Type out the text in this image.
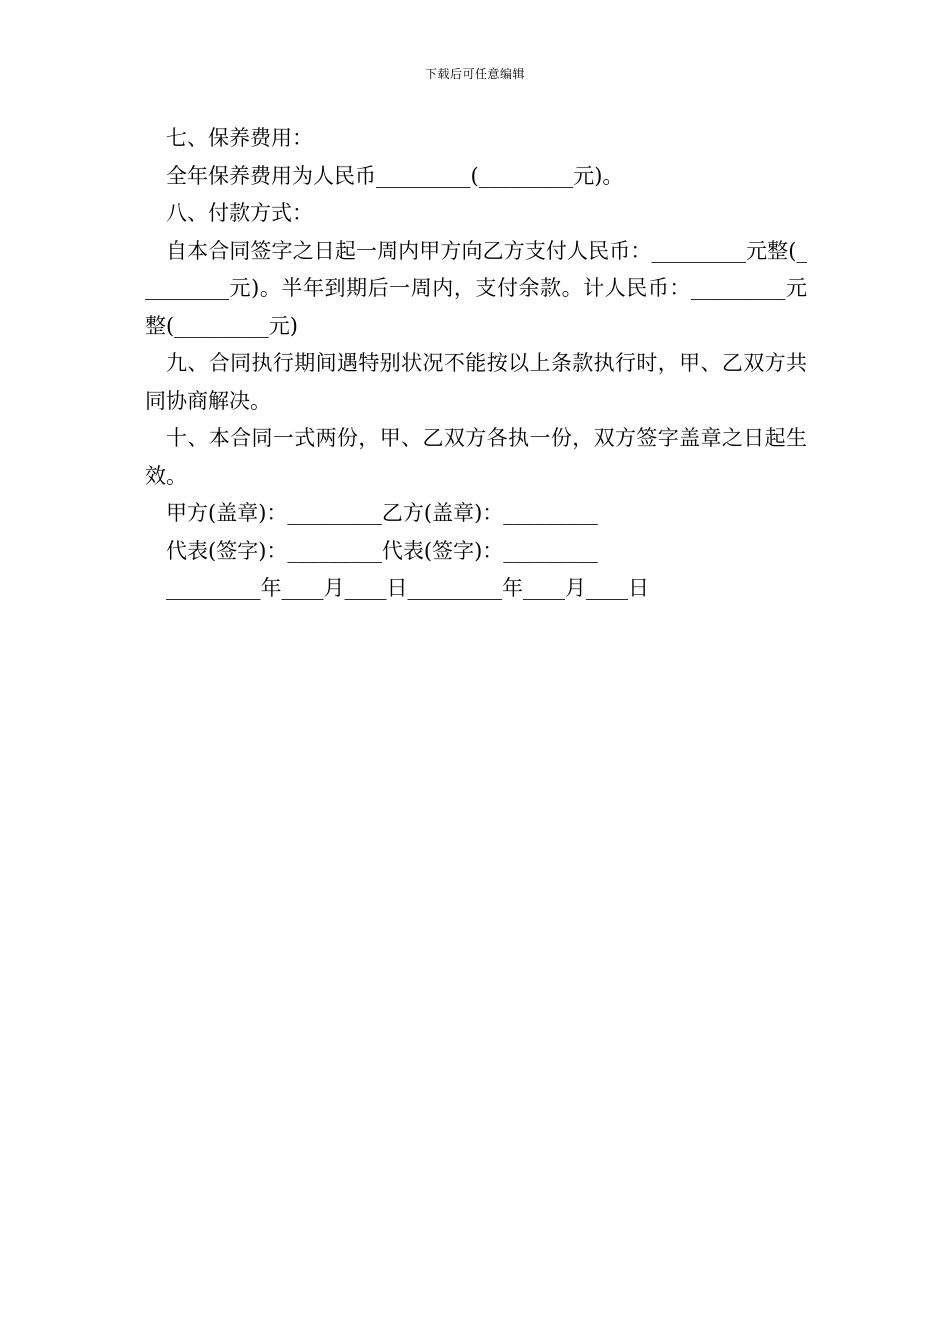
下载后可任意编辑

七、保养费用：

全年保养费用为人民币_________(_________元)。

八、付款方式：

自本合同签字之日起一周内甲方向乙方支付人民币：_________元整(_________元)。半年到期后一周内，支付余款。计人民币：_________元整(_________元)

九、合同执行期间遇特别状况不能按以上条款执行时，甲、乙双方共同协商解决。

十、本合同一式两份，甲、乙双方各执一份，双方签字盖章之日起生效。

甲方(盖章)：_________乙方(盖章)：_________

代表(签字)：_________代表(签字)：_________

_________年____月____日_________年____月____日
